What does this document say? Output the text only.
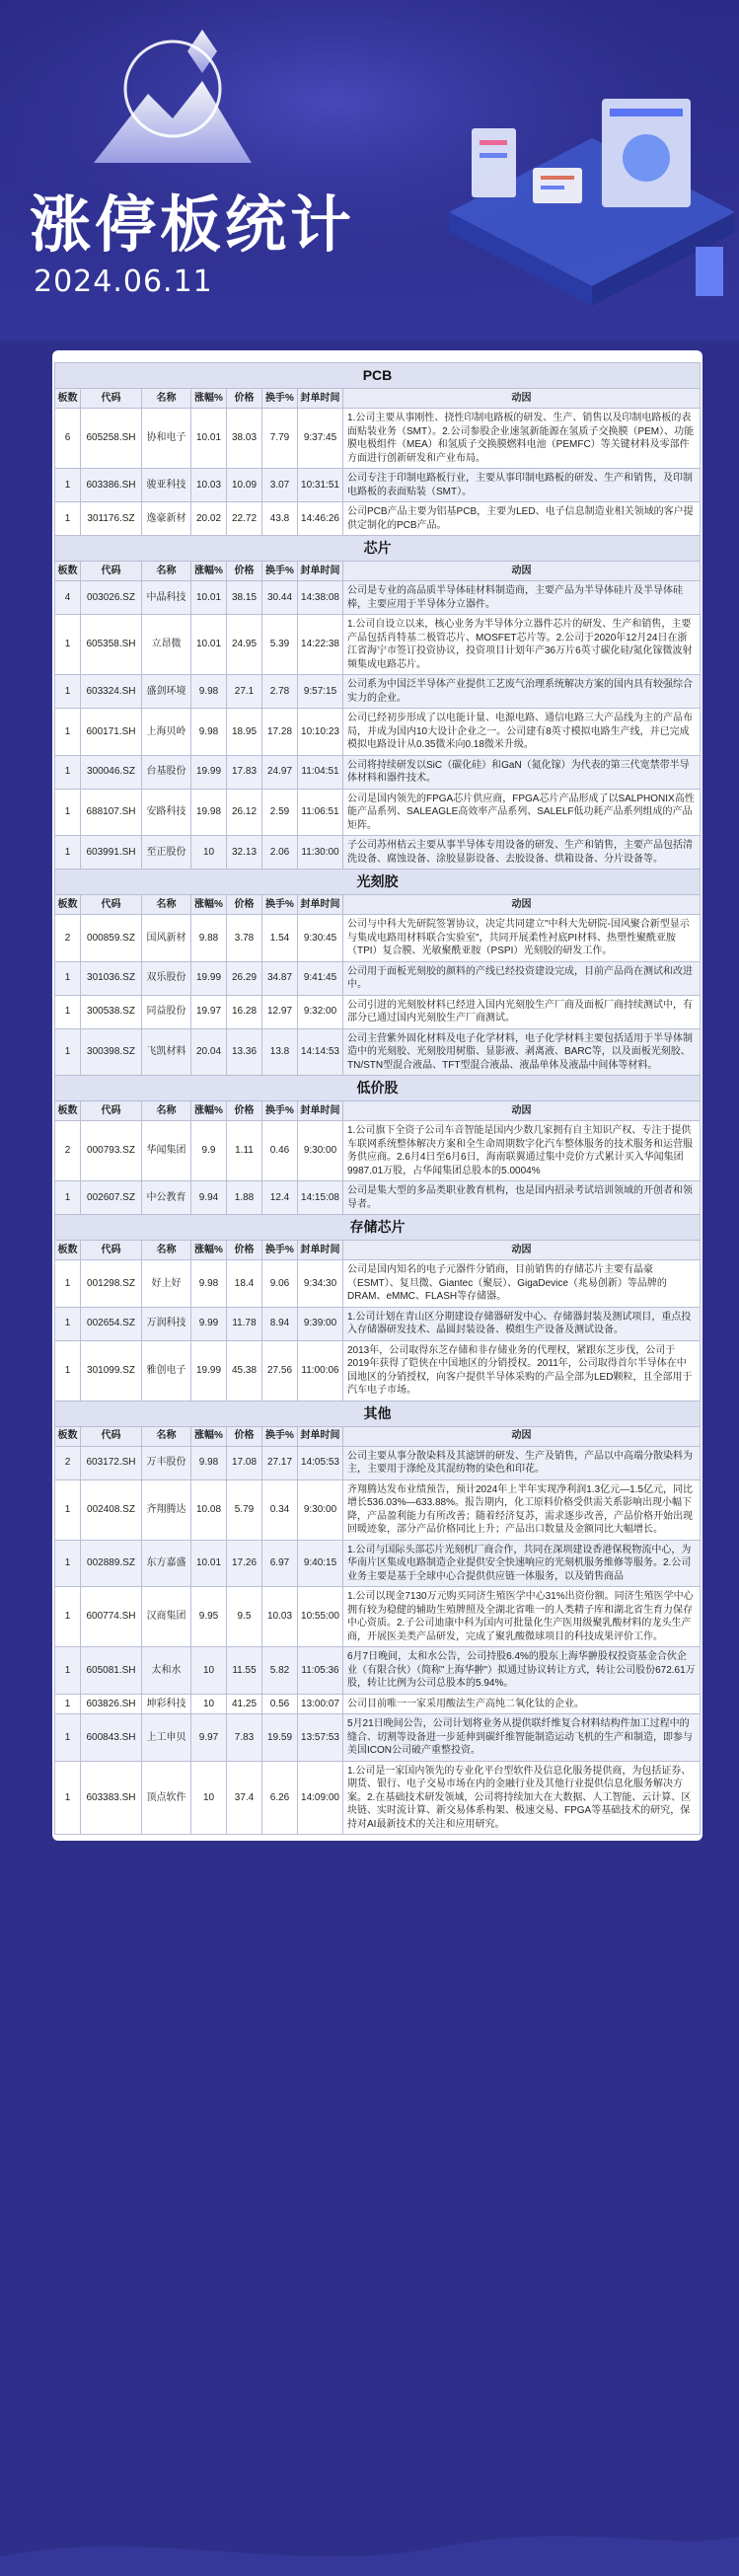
涨停板统计
2024.06.11
PCB							
板数	代码	名称	涨幅%	价格	换手%	封单时间	动因
6	605258.SH	协和电子	10.01	38.03	7.79	9:37:45	1.公司主要从事刚性、挠性印制电路板的研发、生产、销售以及印制电路板的表面贴装业务（SMT）。2.公司参股企业速氢新能源在氢质子交换膜（PEM）、功能膜电极组件（MEA）和氢质子交换膜燃料电池（PEMFC）等关键材料及零部件方面进行创新研发和产业布局。
1	603386.SH	骏亚科技	10.03	10.09	3.07	10:31:51	公司专注于印制电路板行业，主要从事印制电路板的研发、生产和销售，及印制电路板的表面贴装（SMT）。
1	301176.SZ	逸豪新材	20.02	22.72	43.8	14:46:26	公司PCB产品主要为铝基PCB，主要为LED、电子信息制造业相关领域的客户提供定制化的PCB产品。
芯片							
板数	代码	名称	涨幅%	价格	换手%	封单时间	动因
4	003026.SZ	中晶科技	10.01	38.15	30.44	14:38:08	公司是专业的高品质半导体硅材料制造商，主要产品为半导体硅片及半导体硅棒，主要应用于半导体分立器件。
1	605358.SH	立昂微	10.01	24.95	5.39	14:22:38	1.公司自设立以来，核心业务为半导体分立器件芯片的研发、生产和销售，主要产品包括肖特基二极管芯片、MOSFET芯片等。2.公司于2020年12月24日在浙江省海宁市签订投资协议，投资项目计划年产36万片6英寸碳化硅/氮化镓微波射频集成电路芯片。
1	603324.SH	盛剑环境	9.98	27.1	2.78	9:57:15	公司系为中国泛半导体产业提供工艺废气治理系统解决方案的国内具有较强综合实力的企业。
1	600171.SH	上海贝岭	9.98	18.95	17.28	10:10:23	公司已经初步形成了以电能计量、电源电路、通信电路三大产品线为主的产品布局，并成为国内10大设计企业之一。公司建有8英寸模拟电路生产线，并已完成模拟电路设计从0.35微米向0.18微米升级。
1	300046.SZ	台基股份	19.99	17.83	24.97	11:04:51	公司将持续研发以SiC（碳化硅）和GaN（氮化镓）为代表的第三代宽禁带半导体材料和器件技术。
1	688107.SH	安路科技	19.98	26.12	2.59	11:06:51	公司是国内领先的FPGA芯片供应商，FPGA芯片产品形成了以SALPHONIX高性能产品系列、SALEAGLE高效率产品系列、SALELF低功耗产品系列组成的产品矩阵。
1	603991.SH	至正股份	10	32.13	2.06	11:30:00	子公司苏州桔云主要从事半导体专用设备的研发、生产和销售，主要产品包括清洗设备、腐蚀设备、涂胶显影设备、去胶设备、烘箱设备、分片设备等。
光刻胶							
板数	代码	名称	涨幅%	价格	换手%	封单时间	动因
2	000859.SZ	国风新材	9.88	3.78	1.54	9:30:45	公司与中科大先研院签署协议，决定共同建立"中科大先研院-国风聚合新型显示与集成电路用材料联合实验室"，共同开展柔性衬底PI材料、热塑性聚酰亚胺（TPI）复合膜、光敏聚酰亚胺（PSPI）光刻胶的研发工作。
1	301036.SZ	双乐股份	19.99	26.29	34.87	9:41:45	公司用于面板光刻胶的颜料的产线已经投资建设完成，目前产品尚在测试和改进中。
1	300538.SZ	同益股份	19.97	16.28	12.97	9:32:00	公司引进的光刻胶材料已经进入国内光刻胶生产厂商及面板厂商持续测试中，有部分已通过国内光刻胶生产厂商测试。
1	300398.SZ	飞凯材料	20.04	13.36	13.8	14:14:53	公司主营紫外固化材料及电子化学材料，电子化学材料主要包括适用于半导体制造中的光刻胶、光刻胶用树脂、显影液、剥离液、BARC等，以及面板光刻胶、TN/STN型混合液晶、TFT型混合液晶、液晶单体及液晶中间体等材料。
低价股							
板数	代码	名称	涨幅%	价格	换手%	封单时间	动因
2	000793.SZ	华闻集团	9.9	1.11	0.46	9:30:00	1.公司旗下全资子公司车音智能是国内少数几家拥有自主知识产权、专注于提供车联网系统整体解决方案和全生命周期数字化汽车整体服务的技术服务和运营服务供应商。2.6月4日至6月6日，海南联翼通过集中竞价方式累计买入华闻集团9987.01万股，占华闻集团总股本的5.0004%
1	002607.SZ	中公教育	9.94	1.88	12.4	14:15:08	公司是集大型的多品类职业教育机构，也是国内招录考试培训领域的开创者和领导者。
存储芯片							
板数	代码	名称	涨幅%	价格	换手%	封单时间	动因
1	001298.SZ	好上好	9.98	18.4	9.06	9:34:30	公司是国内知名的电子元器件分销商，目前销售的存储芯片主要有晶豪（ESMT）、复旦微、Giantec（聚辰）、GigaDevice（兆易创新）等品牌的DRAM、eMMC、FLASH等存储器。
1	002654.SZ	万润科技	9.99	11.78	8.94	9:39:00	1.公司计划在青山区分期建设存储器研发中心、存储器封装及测试项目，重点投入存储器研发技术、晶圆封装设备、模组生产设备及测试设备。
1	301099.SZ	雅创电子	19.99	45.38	27.56	11:00:06	2013年，公司取得东芝存储和非存储业务的代理权，紧跟东芝步伐，公司于2019年获得了铠侠在中国地区的分销授权。2011年，公司取得首尔半导体在中国地区的分销授权，向客户提供半导体采购的产品全部为LED颗粒，且全部用于汽车电子市场。
其他							
板数	代码	名称	涨幅%	价格	换手%	封单时间	动因
2	603172.SH	万丰股份	9.98	17.08	27.17	14:05:53	公司主要从事分散染料及其滤饼的研发、生产及销售，产品以中高端分散染料为主，主要用于涤纶及其混纺物的染色和印花。
1	002408.SZ	齐翔腾达	10.08	5.79	0.34	9:30:00	齐翔腾达发布业绩预告，预计2024年上半年实现净利润1.3亿元—1.5亿元，同比增长536.03%—633.88%。报告期内，化工原料价格受供需关系影响出现小幅下降，产品盈利能力有所改善；随着经济复苏，需求逐步改善，产品价格开始出现回暖迹象，部分产品价格同比上升；产品出口数量及金额同比大幅增长。
1	002889.SZ	东方嘉盛	10.01	17.26	6.97	9:40:15	1.公司与国际头部芯片光刻机厂商合作，共同在深圳建设香港保税物流中心，为华南片区集成电路制造企业提供安全快速响应的光刻机服务维修等服务。2.公司业务主要是基于全球中心合提供供应链一体服务，以及销售商品
1	600774.SH	汉商集团	9.95	9.5	10.03	10:55:00	1.公司以现金7130万元购买同济生殖医学中心31%出资份额。同济生殖医学中心拥有较为稳健的辅助生殖牌照及全湖北省唯一的人类精子库和湖北省生育力保存中心资质。2.子公司迪康中科为国内可批量化生产医用级聚乳酸材料的龙头生产商，开展医美类产品研发，完成了聚乳酸微球项目的科技成果评价工作。
1	605081.SH	太和水	10	11.55	5.82	11:05:36	6月7日晚间，太和水公告，公司持股6.4%的股东上海华翀股权投资基金合伙企业（有限合伙）（简称"上海华翀"）拟通过协议转让方式，转让公司股份672.61万股，转让比例为公司总股本的5.94%。
1	603826.SH	坤彩科技	10	41.25	0.56	13:00:07	公司目前唯一一家采用酸法生产高纯二氧化钛的企业。
1	600843.SH	上工申贝	9.97	7.83	19.59	13:57:53	5月21日晚间公告，公司计划将业务从提供联纤维复合材料结构件加工过程中的缝合、切割等设备进一步延伸到碳纤维智能制造运动飞机的生产和制造，即参与美国ICON公司破产重整投资。
1	603383.SH	顶点软件	10	37.4	6.26	14:09:00	1.公司是一家国内领先的专业化平台型软件及信息化服务提供商，为包括证券、期货、银行、电子交易市场在内的金融行业及其他行业提供信息化服务解决方案。2.在基础技术研发领域，公司将持续加大在大数据、人工智能、云计算、区块链、实时流计算、新交易体系构架、极速交易、FPGA等基础技术的研究，保持对AI最新技术的关注和应用研究。
